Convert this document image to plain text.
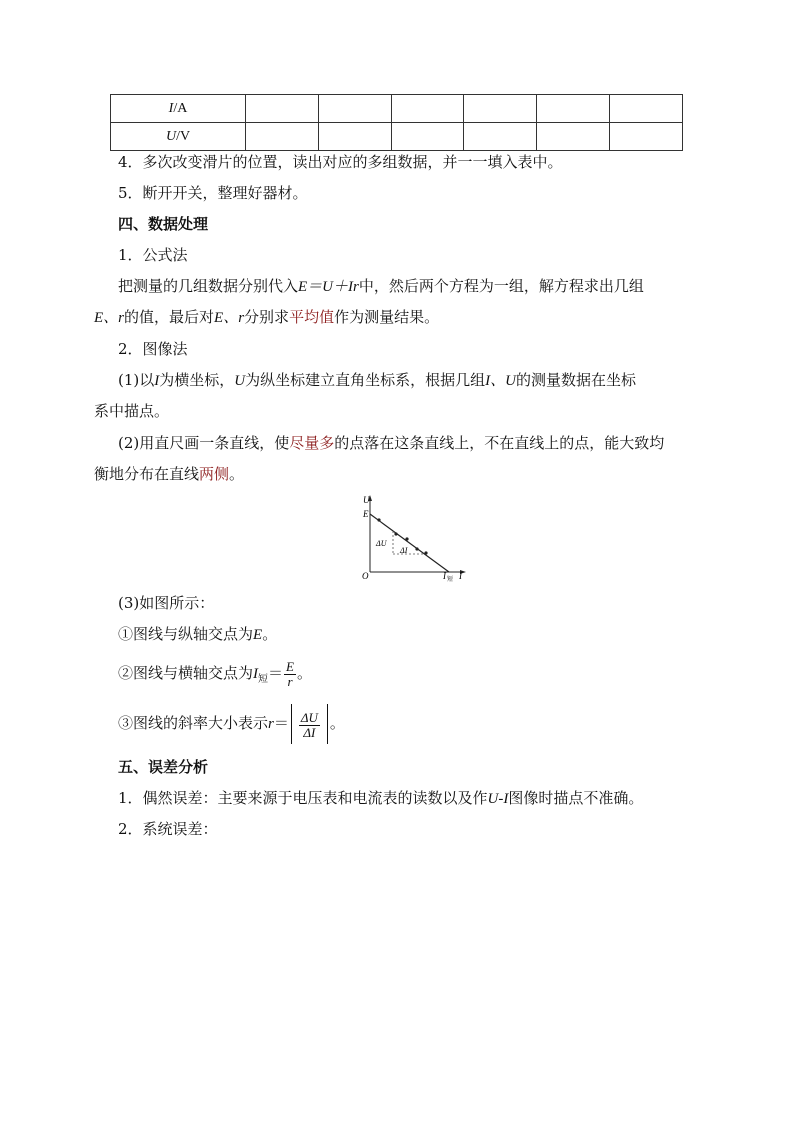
I/A						
U/V						
4．多次改变滑片的位置，读出对应的多组数据，并一一填入表中。
5．断开开关，整理好器材。
四、数据处理
1．公式法
把测量的几组数据分别代入E＝U＋Ir中，然后两个方程为一组，解方程求出几组
E、r的值，最后对E、r分别求平均值作为测量结果。
2．图像法
(1)以I为横坐标，U为纵坐标建立直角坐标系，根据几组I、U的测量数据在坐标
系中描点。
(2)用直尺画一条直线，使尽量多的点落在这条直线上，不在直线上的点，能大致均
衡地分布在直线两侧。
U
E
O	I
I 短
ΔU
ΔI
(3)如图所示：
①图线与纵轴交点为E。
②图线与横轴交点为$I_短= \frac{E}{r}$ 。
③图线的斜率大小表示$r= \frac{\Delta U}{\Delta I}$ 。
五、误差分析
1．偶然误差：主要来源于电压表和电流表的读数以及作U-I图像时描点不准确。
2．系统误差：
